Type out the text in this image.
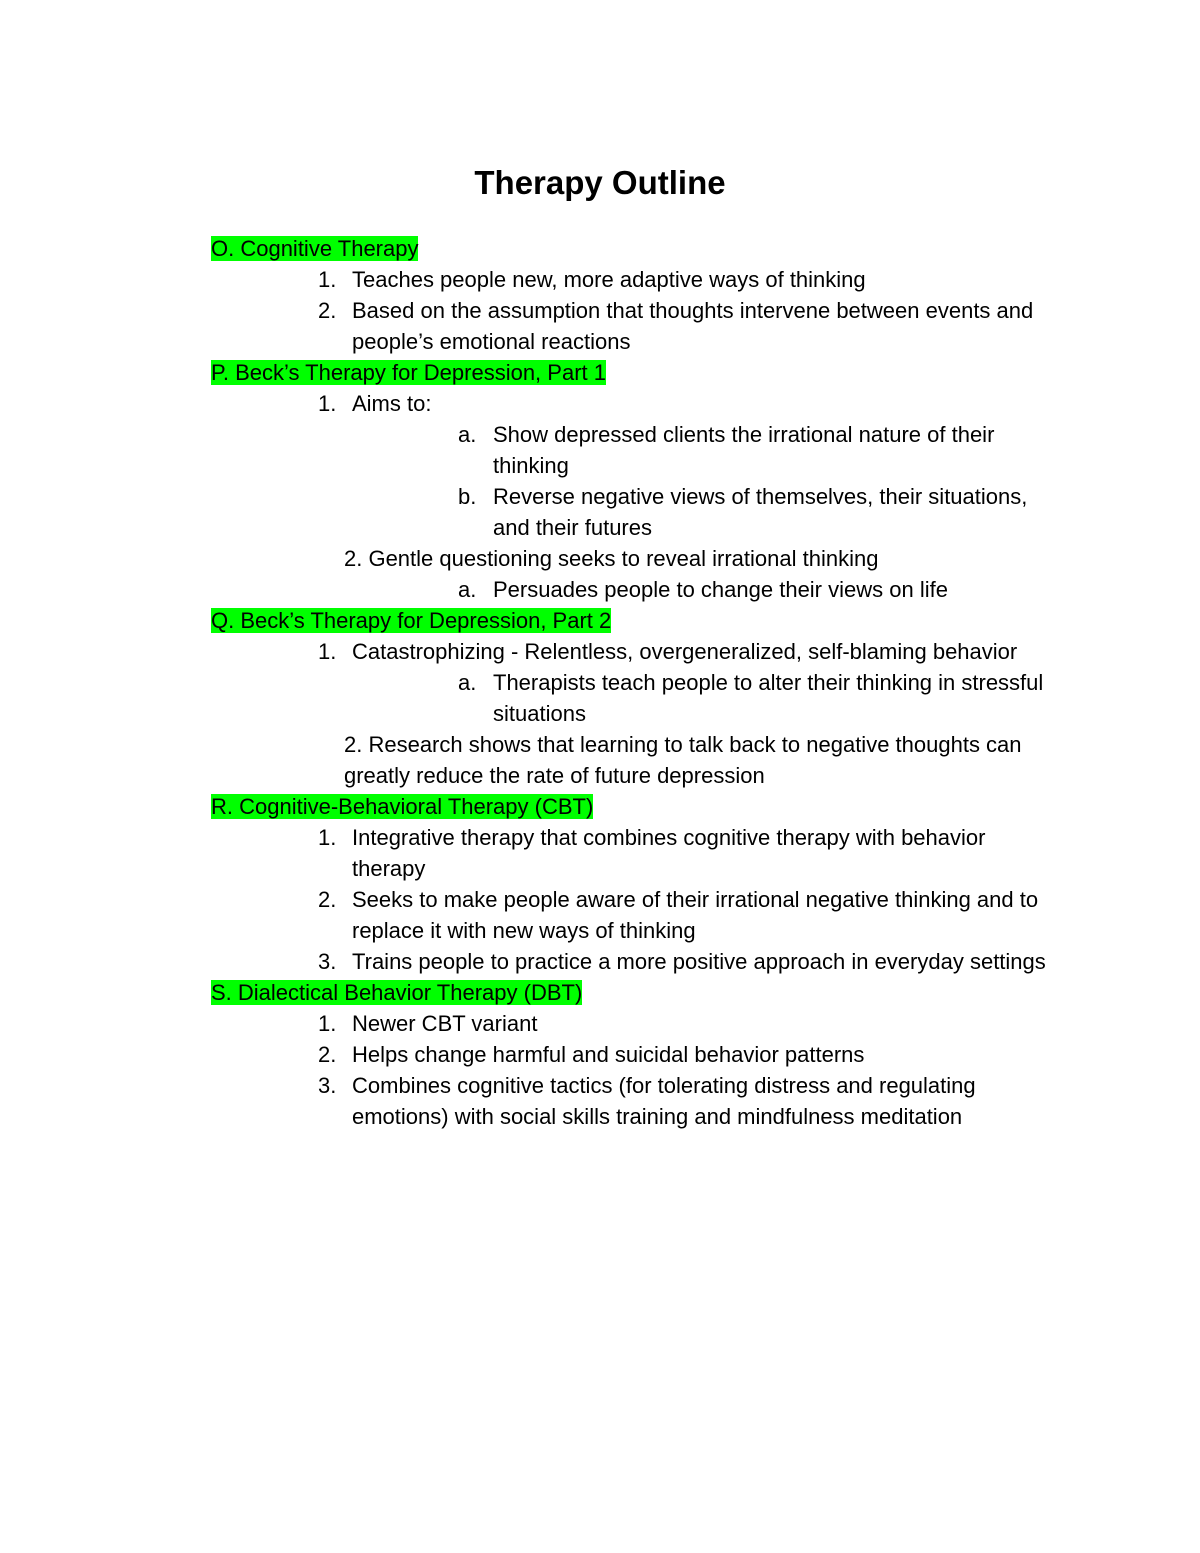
Therapy Outline
O. Cognitive Therapy
1. Teaches people new, more adaptive ways of thinking
2. Based on the assumption that thoughts intervene between events and people’s emotional reactions
P. Beck’s Therapy for Depression, Part 1
1. Aims to:
a. Show depressed clients the irrational nature of their thinking
b. Reverse negative views of themselves, their situations, and their futures
2. Gentle questioning seeks to reveal irrational thinking
a. Persuades people to change their views on life
Q. Beck’s Therapy for Depression, Part 2
1. Catastrophizing - Relentless, overgeneralized, self-blaming behavior
a. Therapists teach people to alter their thinking in stressful situations
2. Research shows that learning to talk back to negative thoughts can greatly reduce the rate of future depression
R. Cognitive-Behavioral Therapy (CBT)
1. Integrative therapy that combines cognitive therapy with behavior therapy
2. Seeks to make people aware of their irrational negative thinking and to replace it with new ways of thinking
3. Trains people to practice a more positive approach in everyday settings
S. Dialectical Behavior Therapy (DBT)
1. Newer CBT variant
2. Helps change harmful and suicidal behavior patterns
3. Combines cognitive tactics (for tolerating distress and regulating emotions) with social skills training and mindfulness meditation
